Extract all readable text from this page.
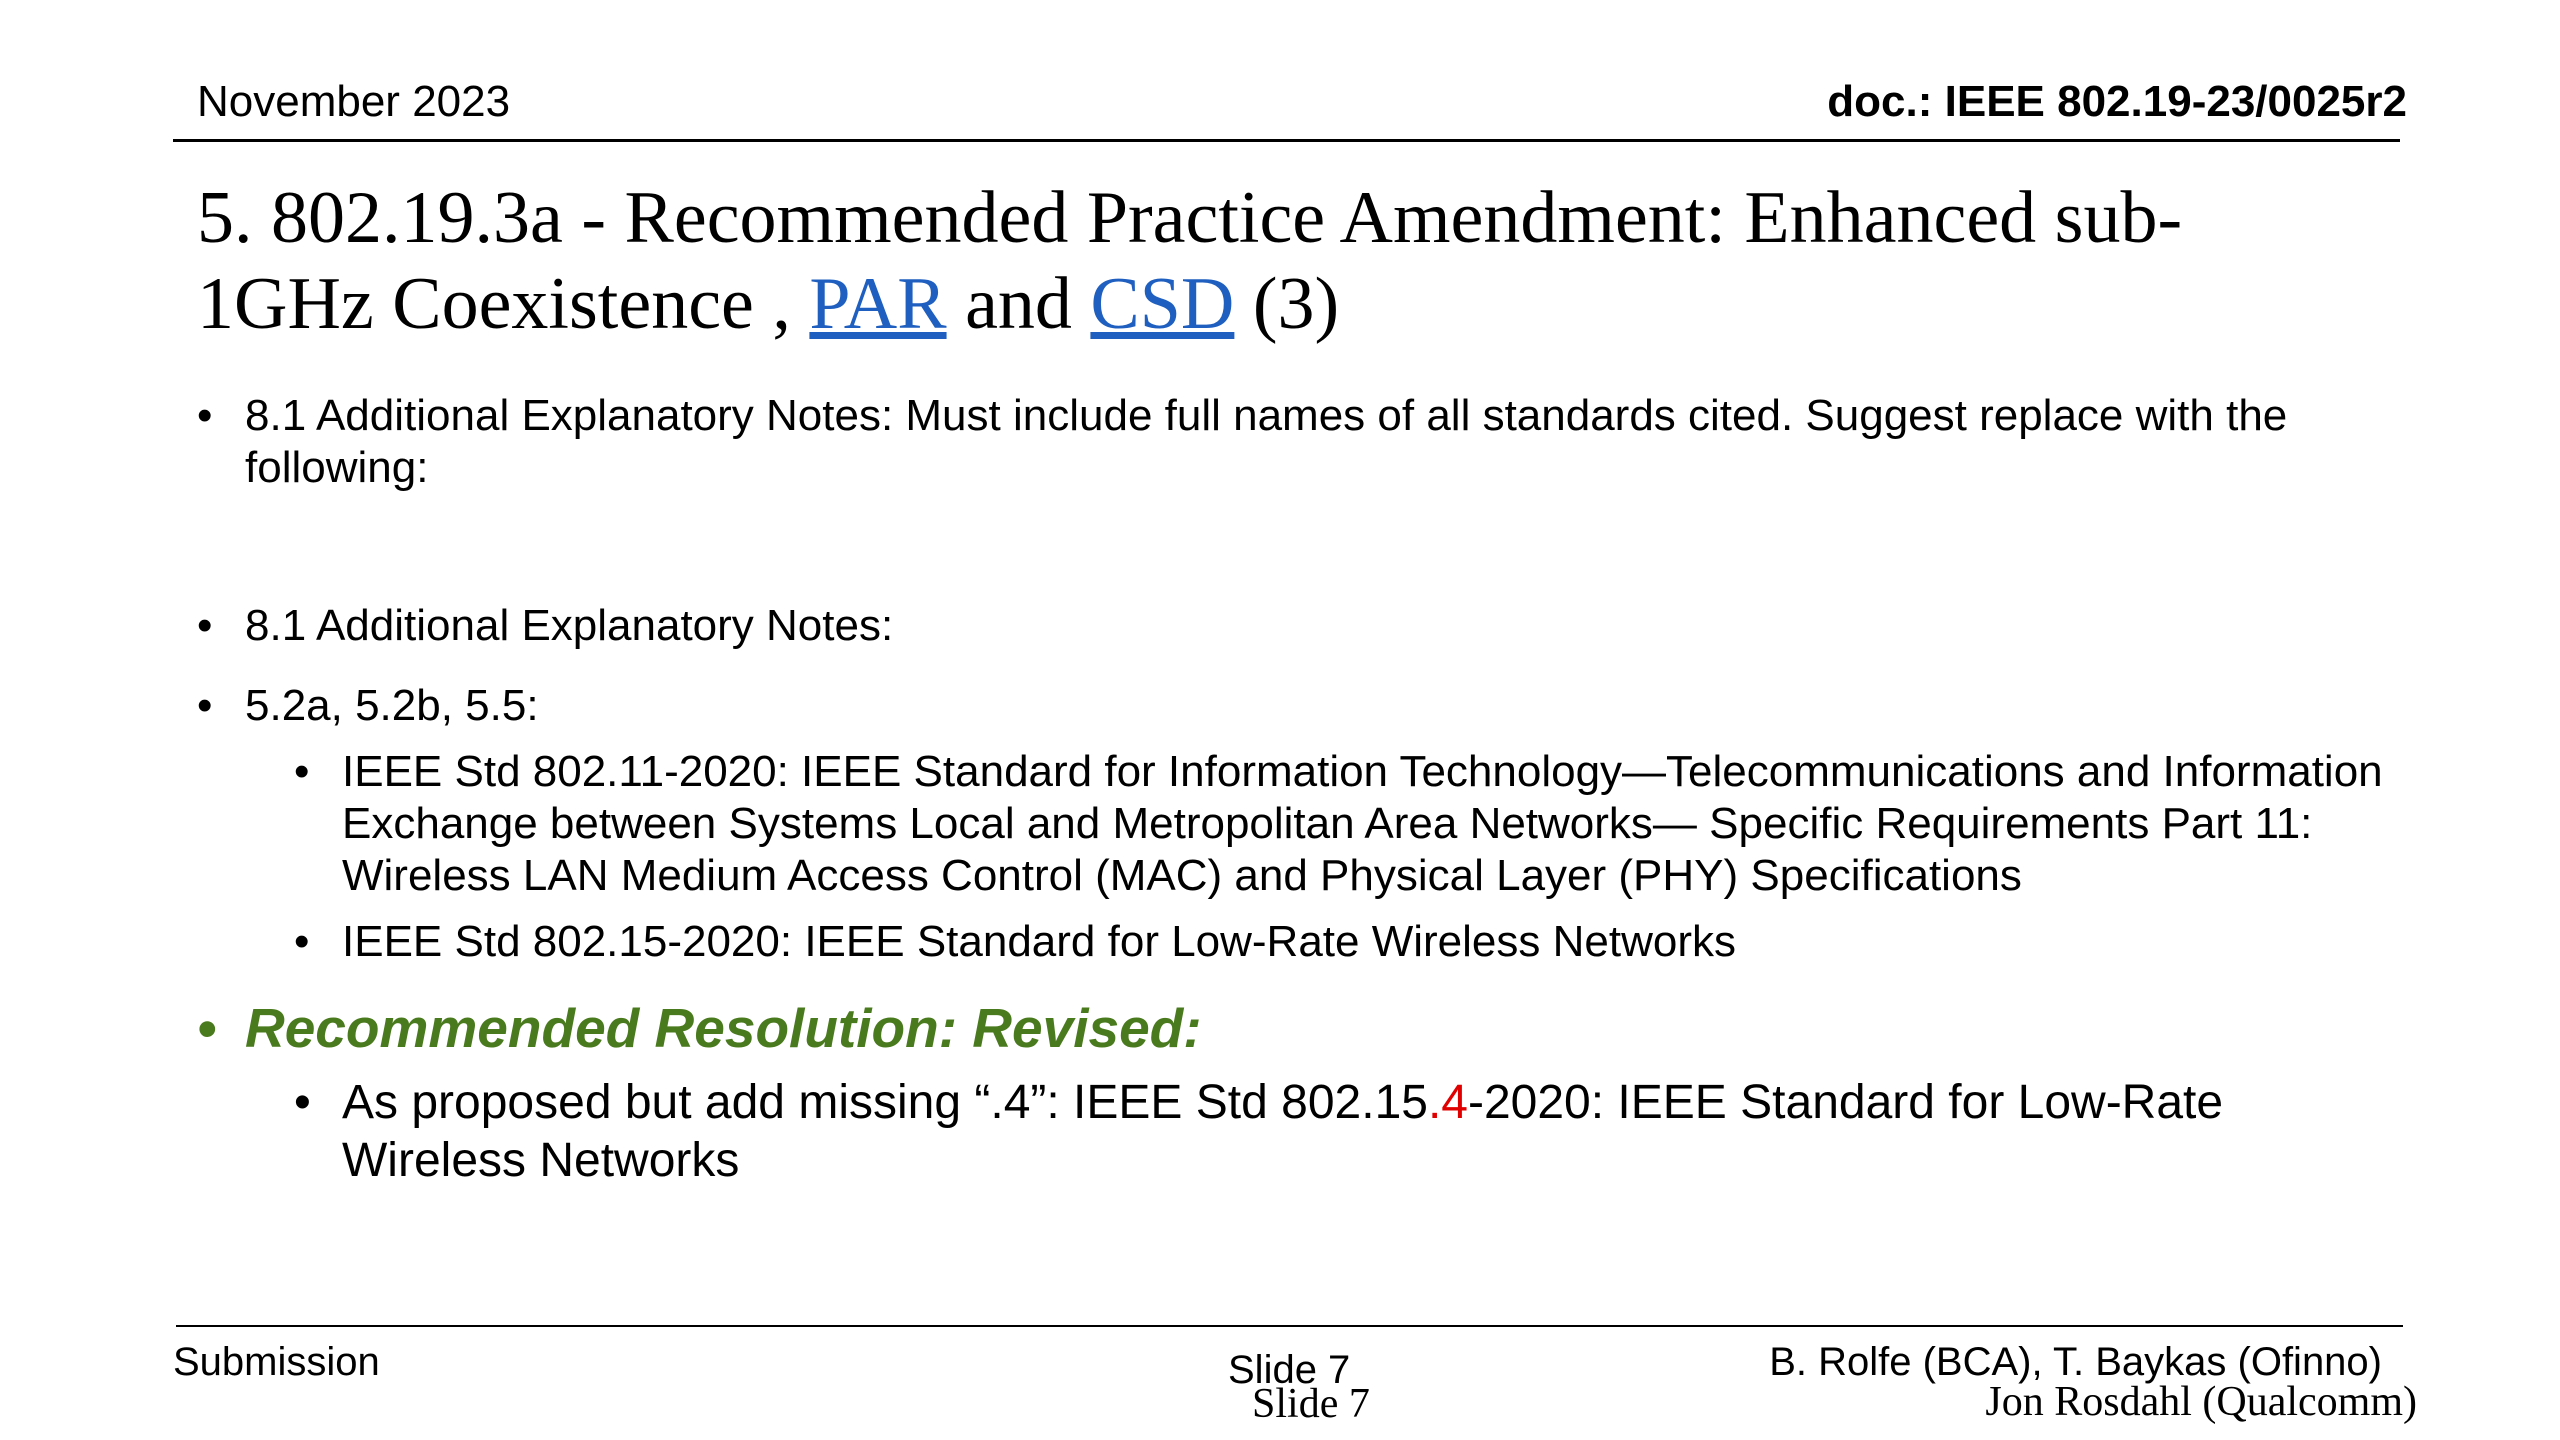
November 2023	doc.: IEEE 802.19-23/0025r2
5. 802.19.3a - Recommended Practice Amendment: Enhanced sub-
1GHz Coexistence , PAR and CSD (3)
• 8.1 Additional Explanatory Notes: Must include full names of all standards cited. Suggest replace with the following:
• 8.1 Additional Explanatory Notes:
• 5.2a, 5.2b, 5.5:
• IEEE Std 802.11-2020: IEEE Standard for Information Technology—Telecommunications and Information Exchange between Systems Local and Metropolitan Area Networks— Specific Requirements Part 11: Wireless LAN Medium Access Control (MAC) and Physical Layer (PHY) Specifications
• IEEE Std 802.15-2020: IEEE Standard for Low-Rate Wireless Networks
• Recommended Resolution: Revised:
• As proposed but add missing “.4”: IEEE Std 802.15.4-2020: IEEE Standard for Low-Rate Wireless Networks
Submission	Slide 7
Slide 7
B. Rolfe (BCA), T. Baykas (Ofinno)
Jon Rosdahl (Qualcomm)
